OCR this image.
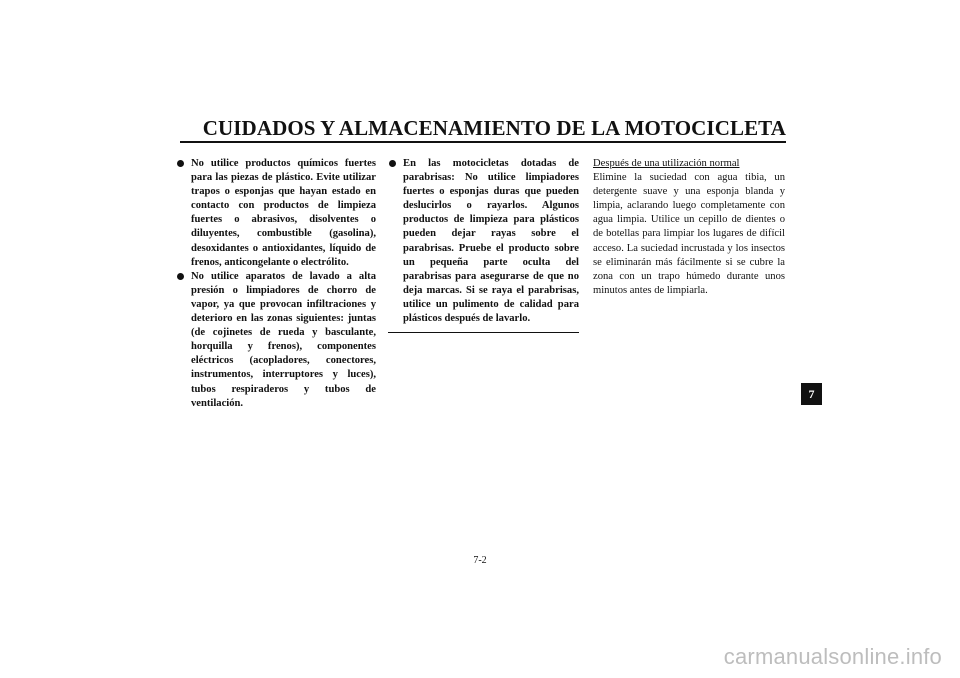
CUIDADOS Y ALMACENAMIENTO DE LA MOTOCICLETA

No utilice productos químicos fuertes para las piezas de plástico. Evite utilizar trapos o esponjas que hayan estado en contacto con productos de limpieza fuertes o abrasivos, disolventes o diluyentes, combustible (gasolina), desoxidantes o antioxidantes, líquido de frenos, anticongelante o electrólito.

No utilice aparatos de lavado a alta presión o limpiadores de chorro de vapor, ya que provocan infiltraciones y deterioro en las zonas siguientes: juntas (de cojinetes de rueda y basculante, horquilla y frenos), componentes eléctricos (acopladores, conectores, instrumentos, interruptores y luces), tubos respiraderos y tubos de ventilación.

En las motocicletas dotadas de parabrisas: No utilice limpiadores fuertes o esponjas duras que pueden deslucirlos o rayarlos. Algunos productos de limpieza para plásticos pueden dejar rayas sobre el parabrisas. Pruebe el producto sobre un pequeña parte oculta del parabrisas para asegurarse de que no deja marcas. Si se raya el parabrisas, utilice un pulimento de calidad para plásticos después de lavarlo.

Después de una utilización normal

Elimine la suciedad con agua tibia, un detergente suave y una esponja blanda y limpia, aclarando luego completamente con agua limpia. Utilice un cepillo de dientes o de botellas para limpiar los lugares de difícil acceso. La suciedad incrustada y los insectos se eliminarán más fácilmente si se cubre la zona con un trapo húmedo durante unos minutos antes de limpiarla.

7
7-2
carmanualsonline.info
